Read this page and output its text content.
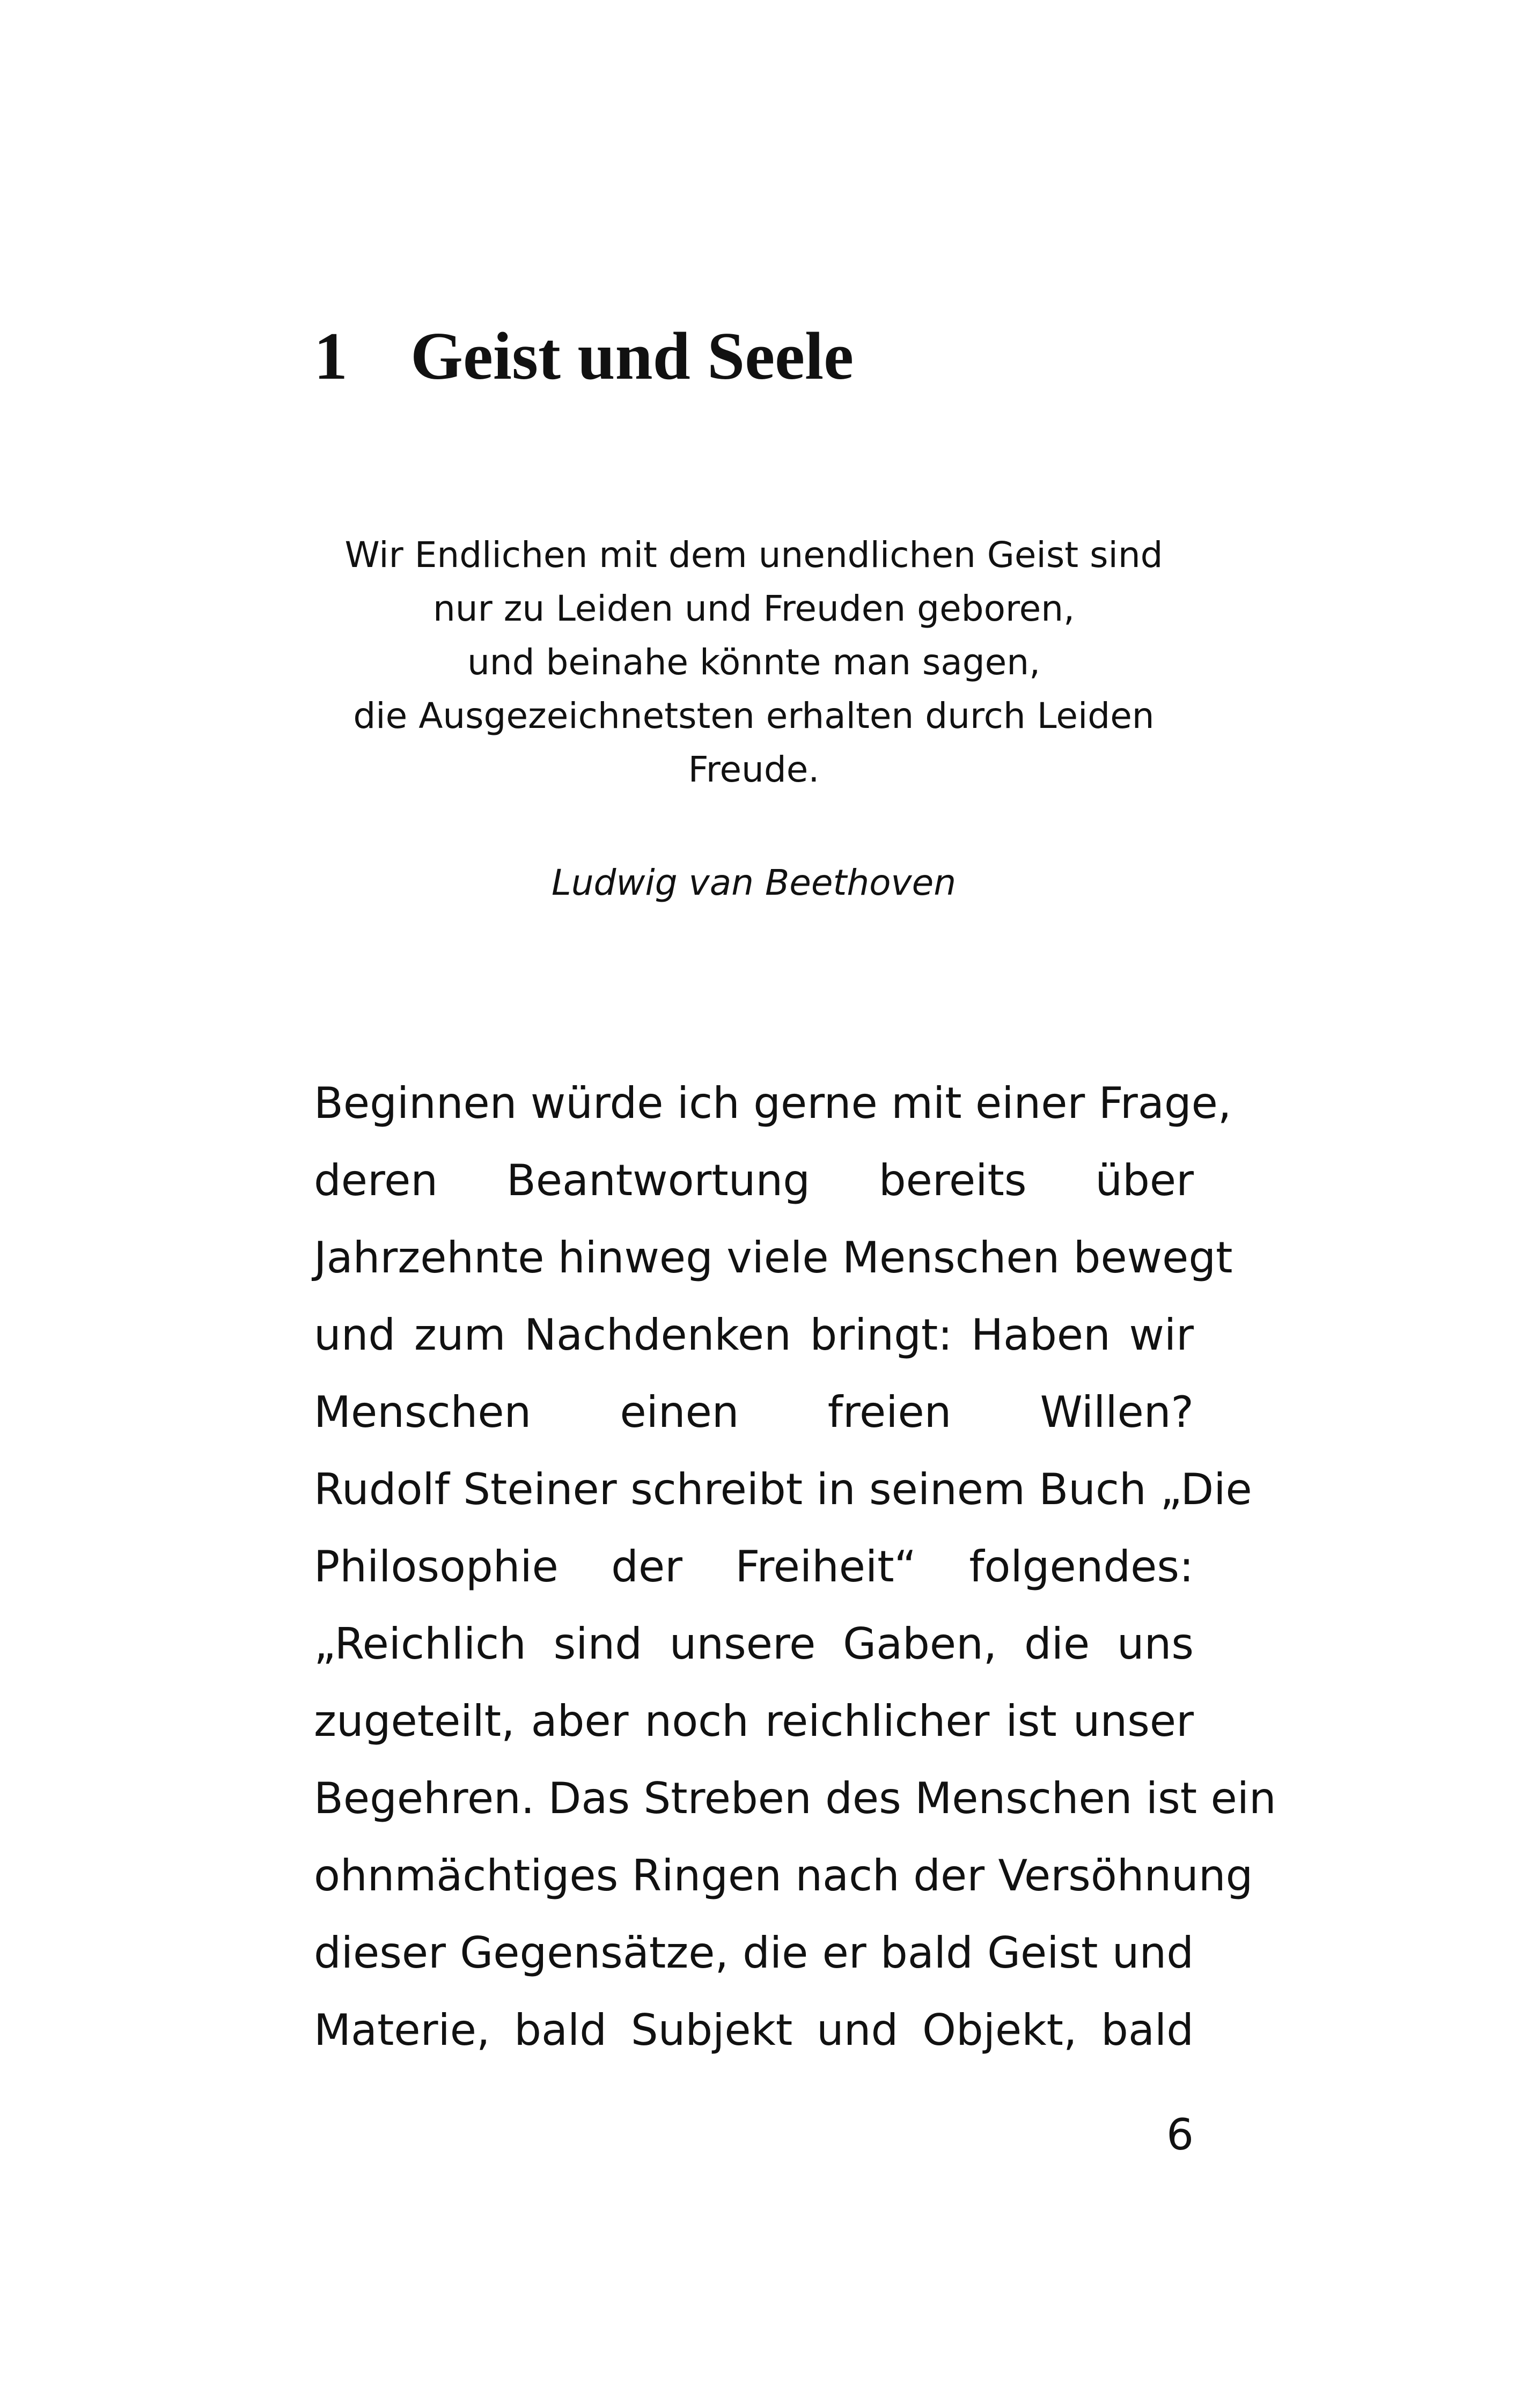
1 Geist und Seele
Wir Endlichen mit dem unendlichen Geist sind
nur zu Leiden und Freuden geboren,
und beinahe könnte man sagen,
die Ausgezeichnetsten erhalten durch Leiden
Freude.
Ludwig van Beethoven
Beginnen würde ich gerne mit einer Frage,
deren Beantwortung bereits über
Jahrzehnte hinweg viele Menschen bewegt
und zum Nachdenken bringt: Haben wir
Menschen einen freien Willen?
Rudolf Steiner schreibt in seinem Buch „Die
Philosophie der Freiheit“ folgendes:
„Reichlich sind unsere Gaben, die uns
zugeteilt, aber noch reichlicher ist unser
Begehren. Das Streben des Menschen ist ein
ohnmächtiges Ringen nach der Versöhnung
dieser Gegensätze, die er bald Geist und
Materie, bald Subjekt und Objekt, bald
6
